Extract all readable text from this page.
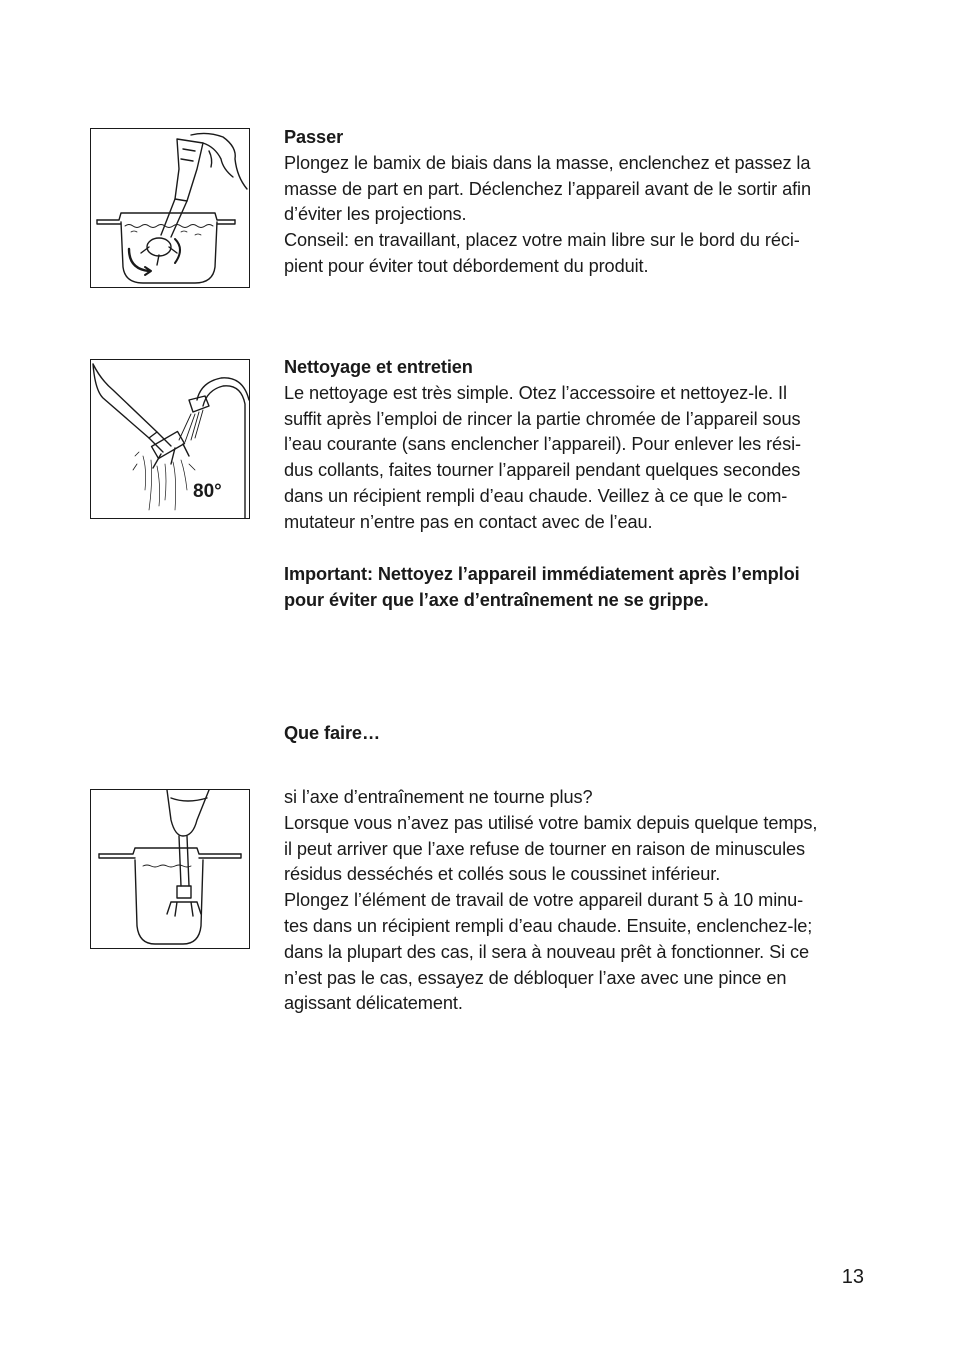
Passer
Plongez le bamix de biais dans la masse, enclenchez et passez la
masse de part en part. Déclenchez l’appareil avant de le sortir afin
d’éviter les projections.
Conseil: en travaillant, placez votre main libre sur le bord du réci-
pient pour éviter tout débordement du produit.
80°
Nettoyage et entretien
Le nettoyage est très simple. Otez l’accessoire et nettoyez-le. Il
suffit après l’emploi de rincer la partie chromée de l’appareil sous
l’eau courante (sans enclencher l’appareil). Pour enlever les rési-
dus collants, faites tourner l’appareil pendant quelques secondes
dans un récipient rempli d’eau chaude. Veillez à ce que le com-
mutateur n’entre pas en contact avec de l’eau.
Important: Nettoyez l’appareil immédiatement après l’emploi
pour éviter que l’axe d’entraînement ne se grippe.
Que faire…
si l’axe d’entraînement ne tourne plus?
Lorsque vous n’avez pas utilisé votre bamix depuis quelque temps,
il peut arriver que l’axe refuse de tourner en raison de minuscules
résidus desséchés et collés sous le coussinet inférieur.
Plongez l’élément de travail de votre appareil durant 5 à 10 minu-
tes dans un récipient rempli d’eau chaude. Ensuite, enclenchez-le;
dans la plupart des cas, il sera à nouveau prêt à fonctionner. Si ce
n’est pas le cas, essayez de débloquer l’axe avec une pince en
agissant délicatement.
13
